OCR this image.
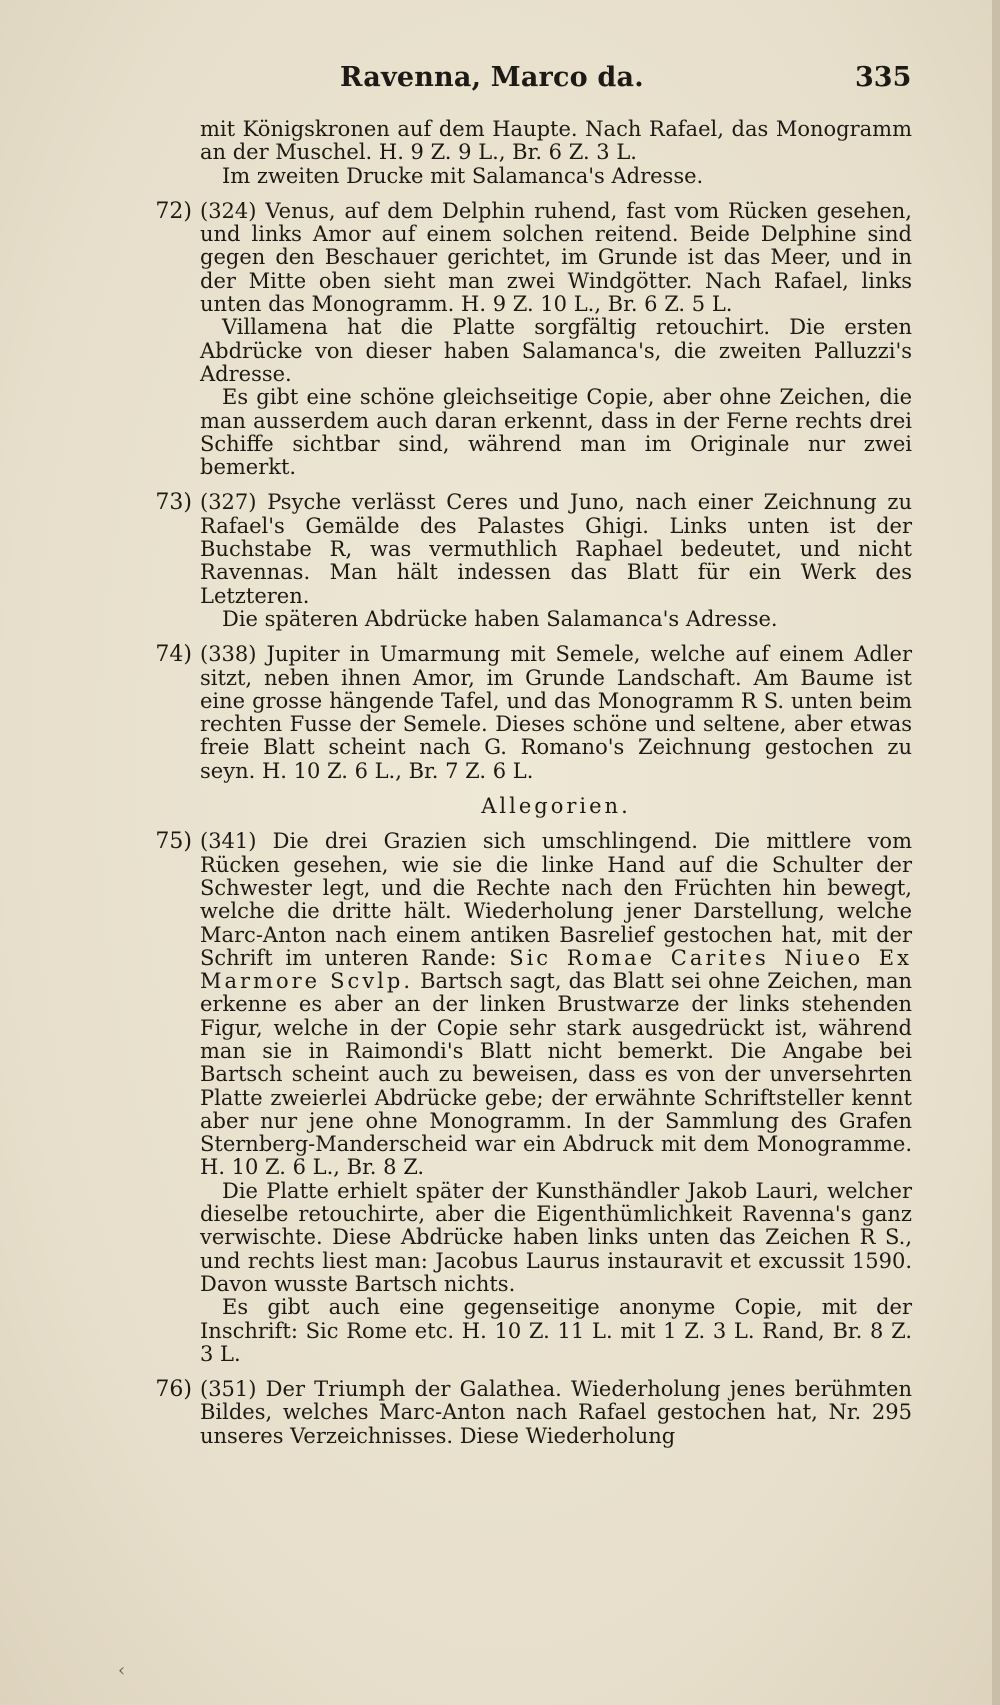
Ravenna, Marco da.	335
‹

mit Königskronen auf dem Haupte. Nach Rafael, das Monogramm an der Muschel. H. 9 Z. 9 L., Br. 6 Z. 3 L.

Im zweiten Drucke mit Salamanca's Adresse.

72) (324) Venus, auf dem Delphin ruhend, fast vom Rücken gesehen, und links Amor auf einem solchen reitend. Beide Delphine sind gegen den Beschauer gerichtet, im Grunde ist das Meer, und in der Mitte oben sieht man zwei Windgötter. Nach Rafael, links unten das Monogramm. H. 9 Z. 10 L., Br. 6 Z. 5 L.

Villamena hat die Platte sorgfältig retouchirt. Die ersten Abdrücke von dieser haben Salamanca's, die zweiten Palluzzi's Adresse.

Es gibt eine schöne gleichseitige Copie, aber ohne Zeichen, die man ausserdem auch daran erkennt, dass in der Ferne rechts drei Schiffe sichtbar sind, während man im Originale nur zwei bemerkt.

73) (327) Psyche verlässt Ceres und Juno, nach einer Zeichnung zu Rafael's Gemälde des Palastes Ghigi. Links unten ist der Buchstabe R, was vermuthlich Raphael bedeutet, und nicht Ravennas. Man hält indessen das Blatt für ein Werk des Letzteren.

Die späteren Abdrücke haben Salamanca's Adresse.

74) (338) Jupiter in Umarmung mit Semele, welche auf einem Adler sitzt, neben ihnen Amor, im Grunde Landschaft. Am Baume ist eine grosse hängende Tafel, und das Monogramm R S. unten beim rechten Fusse der Semele. Dieses schöne und seltene, aber etwas freie Blatt scheint nach G. Romano's Zeichnung gestochen zu seyn. H. 10 Z. 6 L., Br. 7 Z. 6 L.

Allegorien.
75) (341) Die drei Grazien sich umschlingend. Die mittlere vom Rücken gesehen, wie sie die linke Hand auf die Schulter der Schwester legt, und die Rechte nach den Früchten hin bewegt, welche die dritte hält. Wiederholung jener Darstellung, welche Marc-Anton nach einem antiken Basrelief gestochen hat, mit der Schrift im unteren Rande: Sic Romae Carites Niueo Ex Marmore Scvlp. Bartsch sagt, das Blatt sei ohne Zeichen, man erkenne es aber an der linken Brustwarze der links stehenden Figur, welche in der Copie sehr stark ausgedrückt ist, während man sie in Raimondi's Blatt nicht bemerkt. Die Angabe bei Bartsch scheint auch zu beweisen, dass es von der unversehrten Platte zweierlei Abdrücke gebe; der erwähnte Schriftsteller kennt aber nur jene ohne Monogramm. In der Sammlung des Grafen Sternberg-Manderscheid war ein Abdruck mit dem Monogramme. H. 10 Z. 6 L., Br. 8 Z.

Die Platte erhielt später der Kunsthändler Jakob Lauri, welcher dieselbe retouchirte, aber die Eigenthümlichkeit Ravenna's ganz verwischte. Diese Abdrücke haben links unten das Zeichen R S., und rechts liest man: Jacobus Laurus instauravit et excussit 1590. Davon wusste Bartsch nichts.

Es gibt auch eine gegenseitige anonyme Copie, mit der Inschrift: Sic Rome etc. H. 10 Z. 11 L. mit 1 Z. 3 L. Rand, Br. 8 Z. 3 L.

76) (351) Der Triumph der Galathea. Wiederholung jenes berühmten Bildes, welches Marc-Anton nach Rafael gestochen hat, Nr. 295 unseres Verzeichnisses. Diese Wiederholung
